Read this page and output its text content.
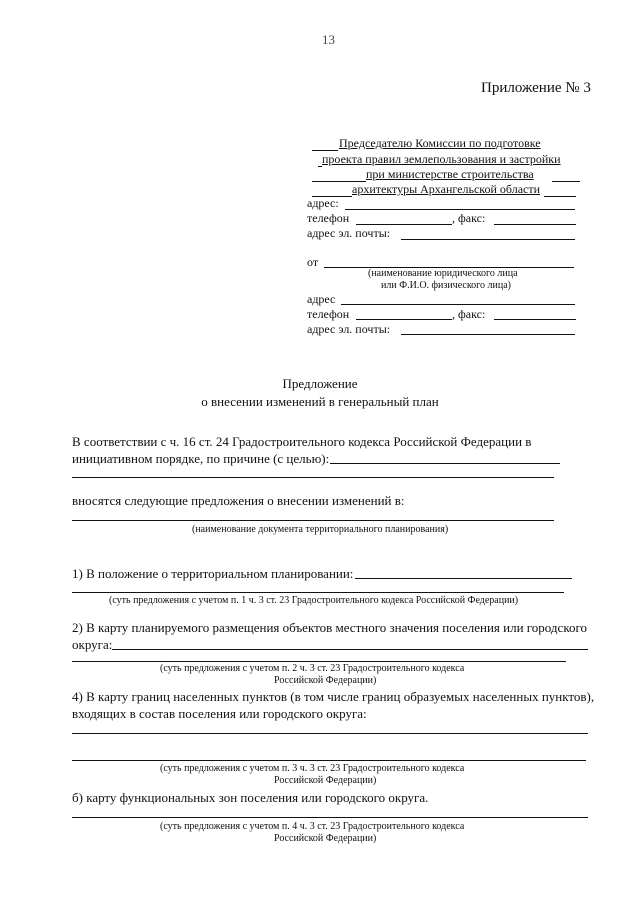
13
Приложение № 3
Председателю Комиссии по подготовке
проекта правил землепользования и застройки
при министерстве строительства
архитектуры Архангельской области
адрес:
телефон	, факс:
адрес эл. почты:
от
(наименование юридического лица
или Ф.И.О. физического лица)
адрес
телефон	, факс:
адрес эл. почты:
Предложение
о внесении изменений в генеральный план
В соответствии с ч. 16 ст. 24 Градостроительного кодекса Российской Федерации в
инициативном порядке, по причине (с целью):
вносятся следующие предложения о внесении изменений в:
(наименование документа территориального планирования)
1) В положение о территориальном планировании:
(суть предложения с учетом п. 1 ч. 3 ст. 23 Градостроительного кодекса Российской Федерации)
2) В карту планируемого размещения объектов местного значения поселения или городского
округа:
(суть предложения с учетом п. 2 ч. 3 ст. 23 Градостроительного кодекса
Российской Федерации)
4) В карту границ населенных пунктов (в том числе границ образуемых населенных пунктов),
входящих в состав поселения или городского округа:
(суть предложения с учетом п. 3 ч. 3 ст. 23 Градостроительного кодекса
Российской Федерации)
б) карту функциональных зон поселения или городского округа.
(суть предложения с учетом п. 4 ч. 3 ст. 23 Градостроительного кодекса
Российской Федерации)
